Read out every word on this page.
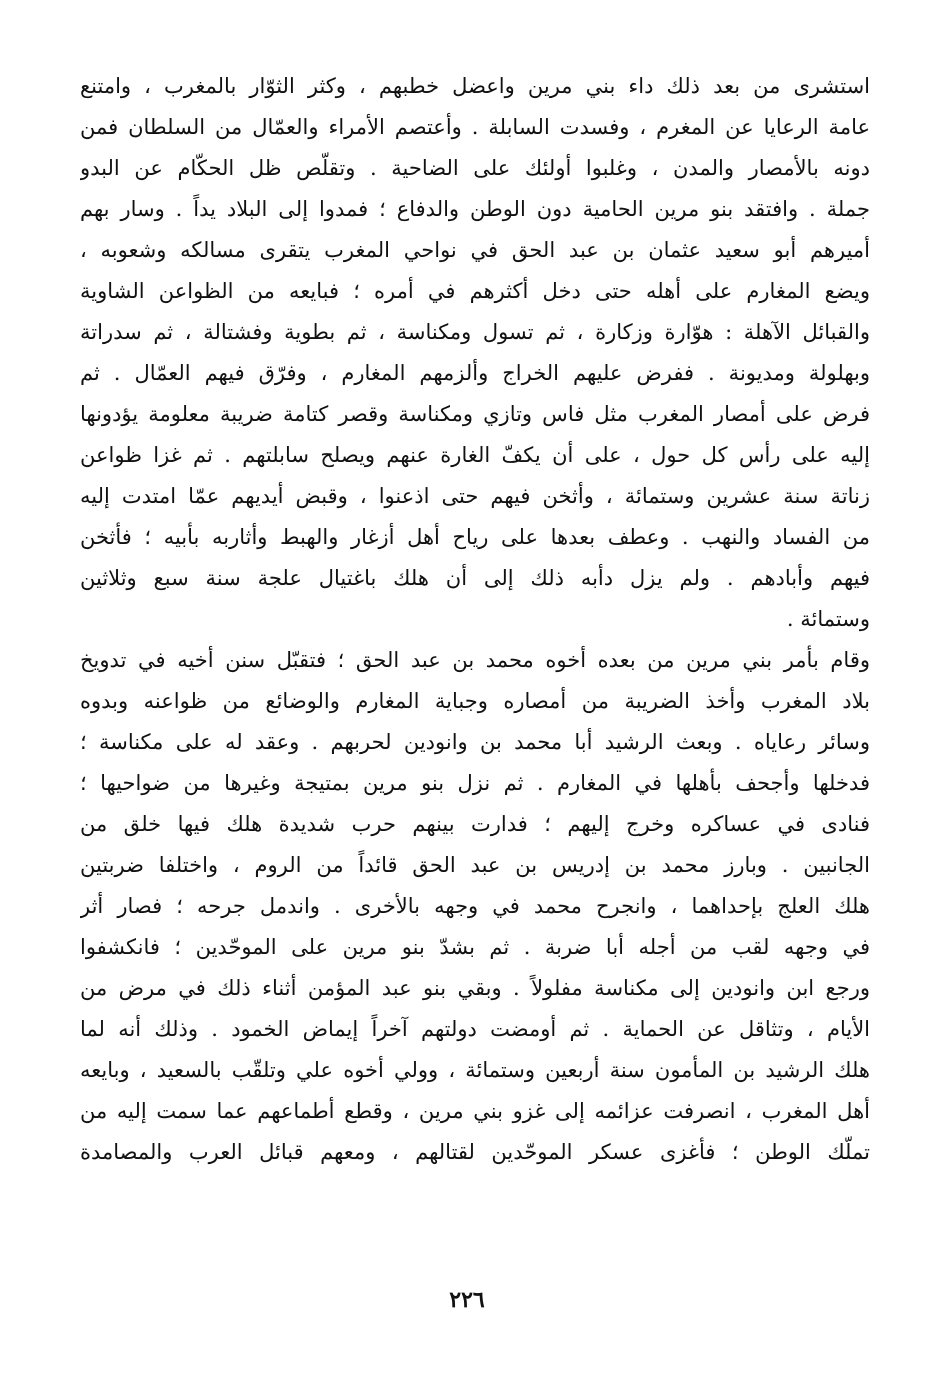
استشرى من بعد ذلك داء بني مرين واعضل خطبهم ، وكثر الثوّار بالمغرب ، وامتنع
عامة الرعايا عن المغرم ، وفسدت السابلة . وأعتصم الأمراء والعمّال من السلطان فمن
دونه بالأمصار والمدن ، وغلبوا أولئك على الضاحية . وتقلّص ظل الحكّام عن البدو
جملة . وافتقد بنو مرين الحامية دون الوطن والدفاع ؛ فمدوا إلى البلاد يداً . وسار بهم
أميرهم أبو سعيد عثمان بن عبد الحق في نواحي المغرب يتقرى مسالكه وشعوبه ،
ويضع المغارم على أهله حتى دخل أكثرهم في أمره ؛ فبايعه من الظواعن الشاوية
والقبائل الآهلة : هوّارة وزكارة ، ثم تسول ومكناسة ، ثم بطوية وفشتالة ، ثم سدراتة
وبهلولة ومديونة . ففرض عليهم الخراج وألزمهم المغارم ، وفرّق فيهم العمّال . ثم
فرض على أمصار المغرب مثل فاس وتازي ومكناسة وقصر كتامة ضريبة معلومة يؤدونها
إليه على رأس كل حول ، على أن يكفّ الغارة عنهم ويصلح سابلتهم . ثم غزا ظواعن
زناتة سنة عشرين وستمائة ، وأثخن فيهم حتى اذعنوا ، وقبض أيديهم عمّا امتدت إليه
من الفساد والنهب . وعطف بعدها على رياح أهل أزغار والهبط وأثاربه بأبيه ؛ فأثخن
فيهم وأبادهم . ولم يزل دأبه ذلك إلى أن هلك باغتيال علجة سنة سبع وثلاثين
وستمائة .
وقام بأمر بني مرين من بعده أخوه محمد بن عبد الحق ؛ فتقبّل سنن أخيه في تدويخ
بلاد المغرب وأخذ الضريبة من أمصاره وجباية المغارم والوضائع من ظواعنه وبدوه
وسائر رعاياه . وبعث الرشيد أبا محمد بن وانودين لحربهم . وعقد له على مكناسة ؛
فدخلها وأجحف بأهلها في المغارم . ثم نزل بنو مرين بمتيجة وغيرها من ضواحيها ؛
فنادى في عساكره وخرج إليهم ؛ فدارت بينهم حرب شديدة هلك فيها خلق من
الجانبين . وبارز محمد بن إدريس بن عبد الحق قائداً من الروم ، واختلفا ضربتين
هلك العلج بإحداهما ، وانجرح محمد في وجهه بالأخرى . واندمل جرحه ؛ فصار أثر
في وجهه لقب من أجله أبا ضربة . ثم بشدّ بنو مرين على الموحّدين ؛ فانكشفوا
ورجع ابن وانودين إلى مكناسة مفلولاً . وبقي بنو عبد المؤمن أثناء ذلك في مرض من
الأيام ، وتثاقل عن الحماية . ثم أومضت دولتهم آخراً إيماض الخمود . وذلك أنه لما
هلك الرشيد بن المأمون سنة أربعين وستمائة ، وولي أخوه علي وتلقّب بالسعيد ، وبايعه
أهل المغرب ، انصرفت عزائمه إلى غزو بني مرين ، وقطع أطماعهم عما سمت إليه من
تملّك الوطن ؛ فأغزى عسكر الموحّدين لقتالهم ، ومعهم قبائل العرب والمصامدة
٢٢٦
